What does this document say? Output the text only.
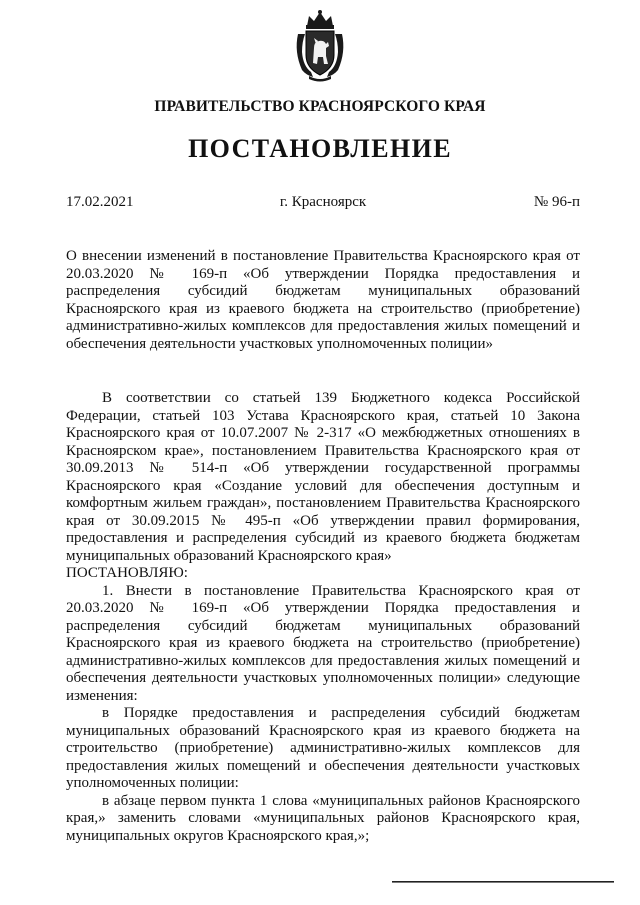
ПРАВИТЕЛЬСТВО КРАСНОЯРСКОГО КРАЯ
ПОСТАНОВЛЕНИЕ
г. Красноярск
17.02.2021	№ 96-п
О внесении изменений в постановление Правительства Красноярского края от 20.03.2020 № 169-п «Об утверждении Порядка предоставления и распределения субсидий бюджетам муниципальных образований Красноярского края из краевого бюджета на строительство (приобретение) административно-жилых комплексов для предоставления жилых помещений и обеспечения деятельности участковых уполномоченных полиции»

В соответствии со статьей 139 Бюджетного кодекса Российской Федерации, статьей 103 Устава Красноярского края, статьей 10 Закона Красноярского края от 10.07.2007 № 2-317 «О межбюджетных отношениях в Красноярском крае», постановлением Правительства Красноярского края от 30.09.2013 № 514-п «Об утверждении государственной программы Красноярского края «Создание условий для обеспечения доступным и комфортным жильем граждан», постановлением Правительства Красноярского края от 30.09.2015 № 495-п «Об утверждении правил формирования, предоставления и распределения субсидий из краевого бюджета бюджетам муниципальных образований Красноярского края»

ПОСТАНОВЛЯЮ:

1. Внести в постановление Правительства Красноярского края от 20.03.2020 № 169-п «Об утверждении Порядка предоставления и распределения субсидий бюджетам муниципальных образований Красноярского края из краевого бюджета на строительство (приобретение) административно-жилых комплексов для предоставления жилых помещений и обеспечения деятельности участковых уполномоченных полиции» следующие изменения:

в Порядке предоставления и распределения субсидий бюджетам муниципальных образований Красноярского края из краевого бюджета на строительство (приобретение) административно-жилых комплексов для предоставления жилых помещений и обеспечения деятельности участковых уполномоченных полиции:

в абзаце первом пункта 1 слова «муниципальных районов Красноярского края,» заменить словами «муниципальных районов Красноярского края, муниципальных округов Красноярского края,»;
